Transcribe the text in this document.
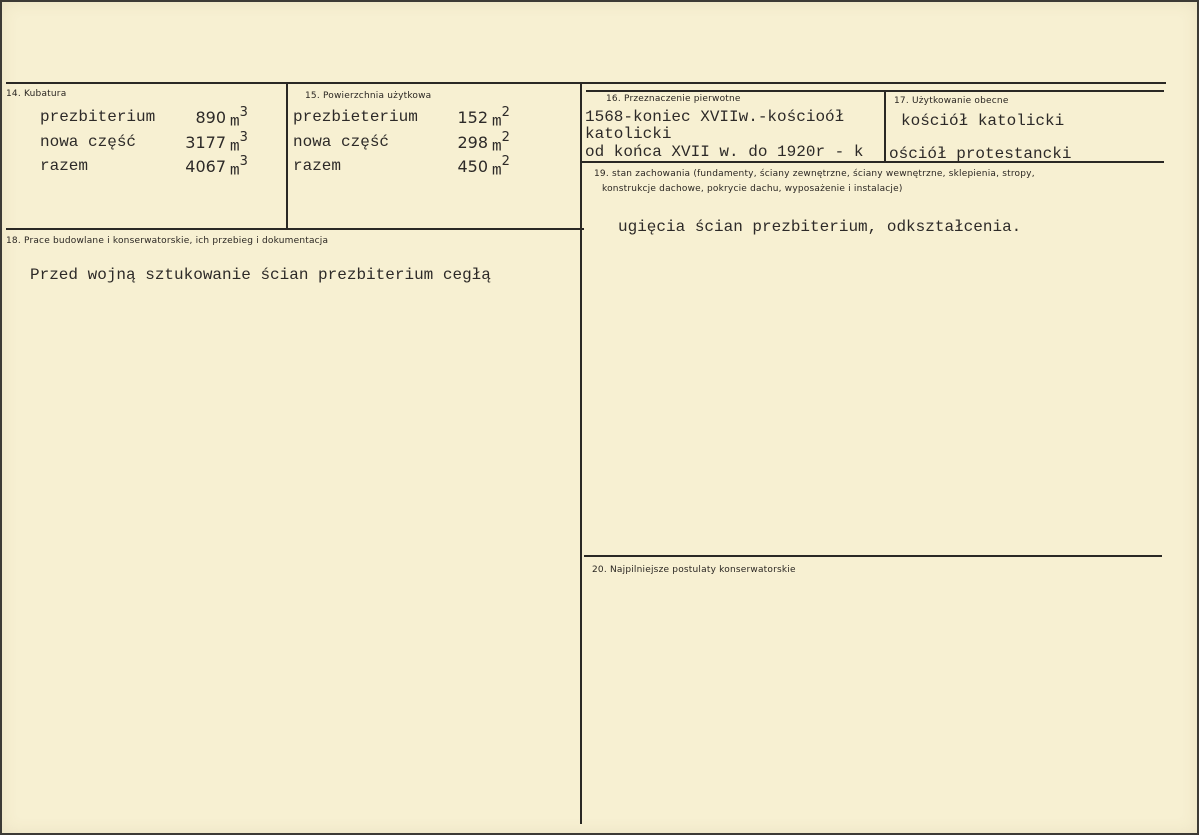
14. Kubatura
prezbiterium	890 $m^3$
nowa część	3177 $m^3$
razem	4067 $m^3$
15. Powierzchnia użytkowa
prezbieterium	152 $m^2$
nowa część	298 $m^2$
razem	450 $m^2$
16. Przeznaczenie pierwotne
1568-koniec XVIIw.-kościoół
katolicki
od końca XVII w. do 1920r - k
17. Użytkowanie obecne
kościół katolicki
ościół protestancki
18. Prace budowlane i konserwatorskie, ich przebieg i dokumentacja
Przed wojną sztukowanie ścian prezbiterium cegłą
19. stan zachowania (fundamenty, ściany zewnętrzne, ściany wewnętrzne, sklepienia, stropy,
konstrukcje dachowe, pokrycie dachu, wyposażenie i instalacje)
ugięcia ścian prezbiterium, odkształcenia.
20. Najpilniejsze postulaty konserwatorskie
